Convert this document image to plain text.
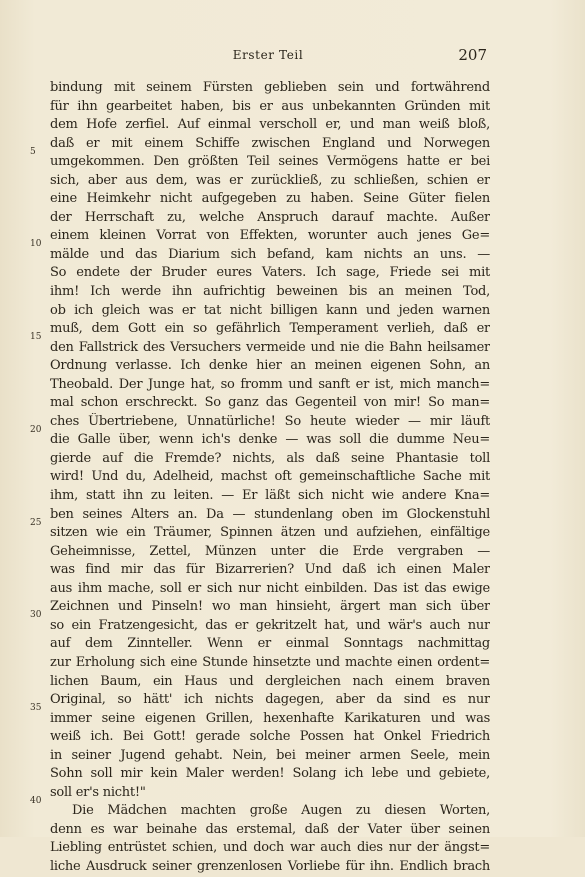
Erster Teil	207
5
10
15
20
25
30
35
40
bindung mit seinem Fürsten geblieben sein und fortwährend
für ihn gearbeitet haben, bis er aus unbekannten Gründen mit
dem Hofe zerfiel. Auf einmal verscholl er, und man weiß bloß,
daß er mit einem Schiffe zwischen England und Norwegen
umgekommen. Den größten Teil seines Vermögens hatte er bei
sich, aber aus dem, was er zurückließ, zu schließen, schien er
eine Heimkehr nicht aufgegeben zu haben. Seine Güter fielen
der Herrschaft zu, welche Anspruch darauf machte. Außer
einem kleinen Vorrat von Effekten, worunter auch jenes Ge=
mälde und das Diarium sich befand, kam nichts an uns. —
So endete der Bruder eures Vaters. Ich sage, Friede sei mit
ihm! Ich werde ihn aufrichtig beweinen bis an meinen Tod,
ob ich gleich was er tat nicht billigen kann und jeden warnen
muß, dem Gott ein so gefährlich Temperament verlieh, daß er
den Fallstrick des Versuchers vermeide und nie die Bahn heilsamer
Ordnung verlasse. Ich denke hier an meinen eigenen Sohn, an
Theobald. Der Junge hat, so fromm und sanft er ist, mich manch=
mal schon erschreckt. So ganz das Gegenteil von mir! So man=
ches Übertriebene, Unnatürliche! So heute wieder — mir läuft
die Galle über, wenn ich's denke — was soll die dumme Neu=
gierde auf die Fremde? nichts, als daß seine Phantasie toll
wird! Und du, Adelheid, machst oft gemeinschaftliche Sache mit
ihm, statt ihn zu leiten. — Er läßt sich nicht wie andere Kna=
ben seines Alters an. Da — stundenlang oben im Glockenstuhl
sitzen wie ein Träumer, Spinnen ätzen und aufziehen, einfältige
Geheimnisse, Zettel, Münzen unter die Erde vergraben —
was find mir das für Bizarrerien? Und daß ich einen Maler
aus ihm mache, soll er sich nur nicht einbilden. Das ist das ewige
Zeichnen und Pinseln! wo man hinsieht, ärgert man sich über
so ein Fratzengesicht, das er gekritzelt hat, und wär's auch nur
auf dem Zinnteller. Wenn er einmal Sonntags nachmittag
zur Erholung sich eine Stunde hinsetzte und machte einen ordent=
lichen Baum, ein Haus und dergleichen nach einem braven
Original, so hätt' ich nichts dagegen, aber da sind es nur
immer seine eigenen Grillen, hexenhafte Karikaturen und was
weiß ich. Bei Gott! gerade solche Possen hat Onkel Friedrich
in seiner Jugend gehabt. Nein, bei meiner armen Seele, mein
Sohn soll mir kein Maler werden! Solang ich lebe und gebiete,
soll er's nicht!"
Die Mädchen machten große Augen zu diesen Worten,
denn es war beinahe das erstemal, daß der Vater über seinen
Liebling entrüstet schien, und doch war auch dies nur der ängst=
liche Ausdruck seiner grenzenlosen Vorliebe für ihn. Endlich brach
